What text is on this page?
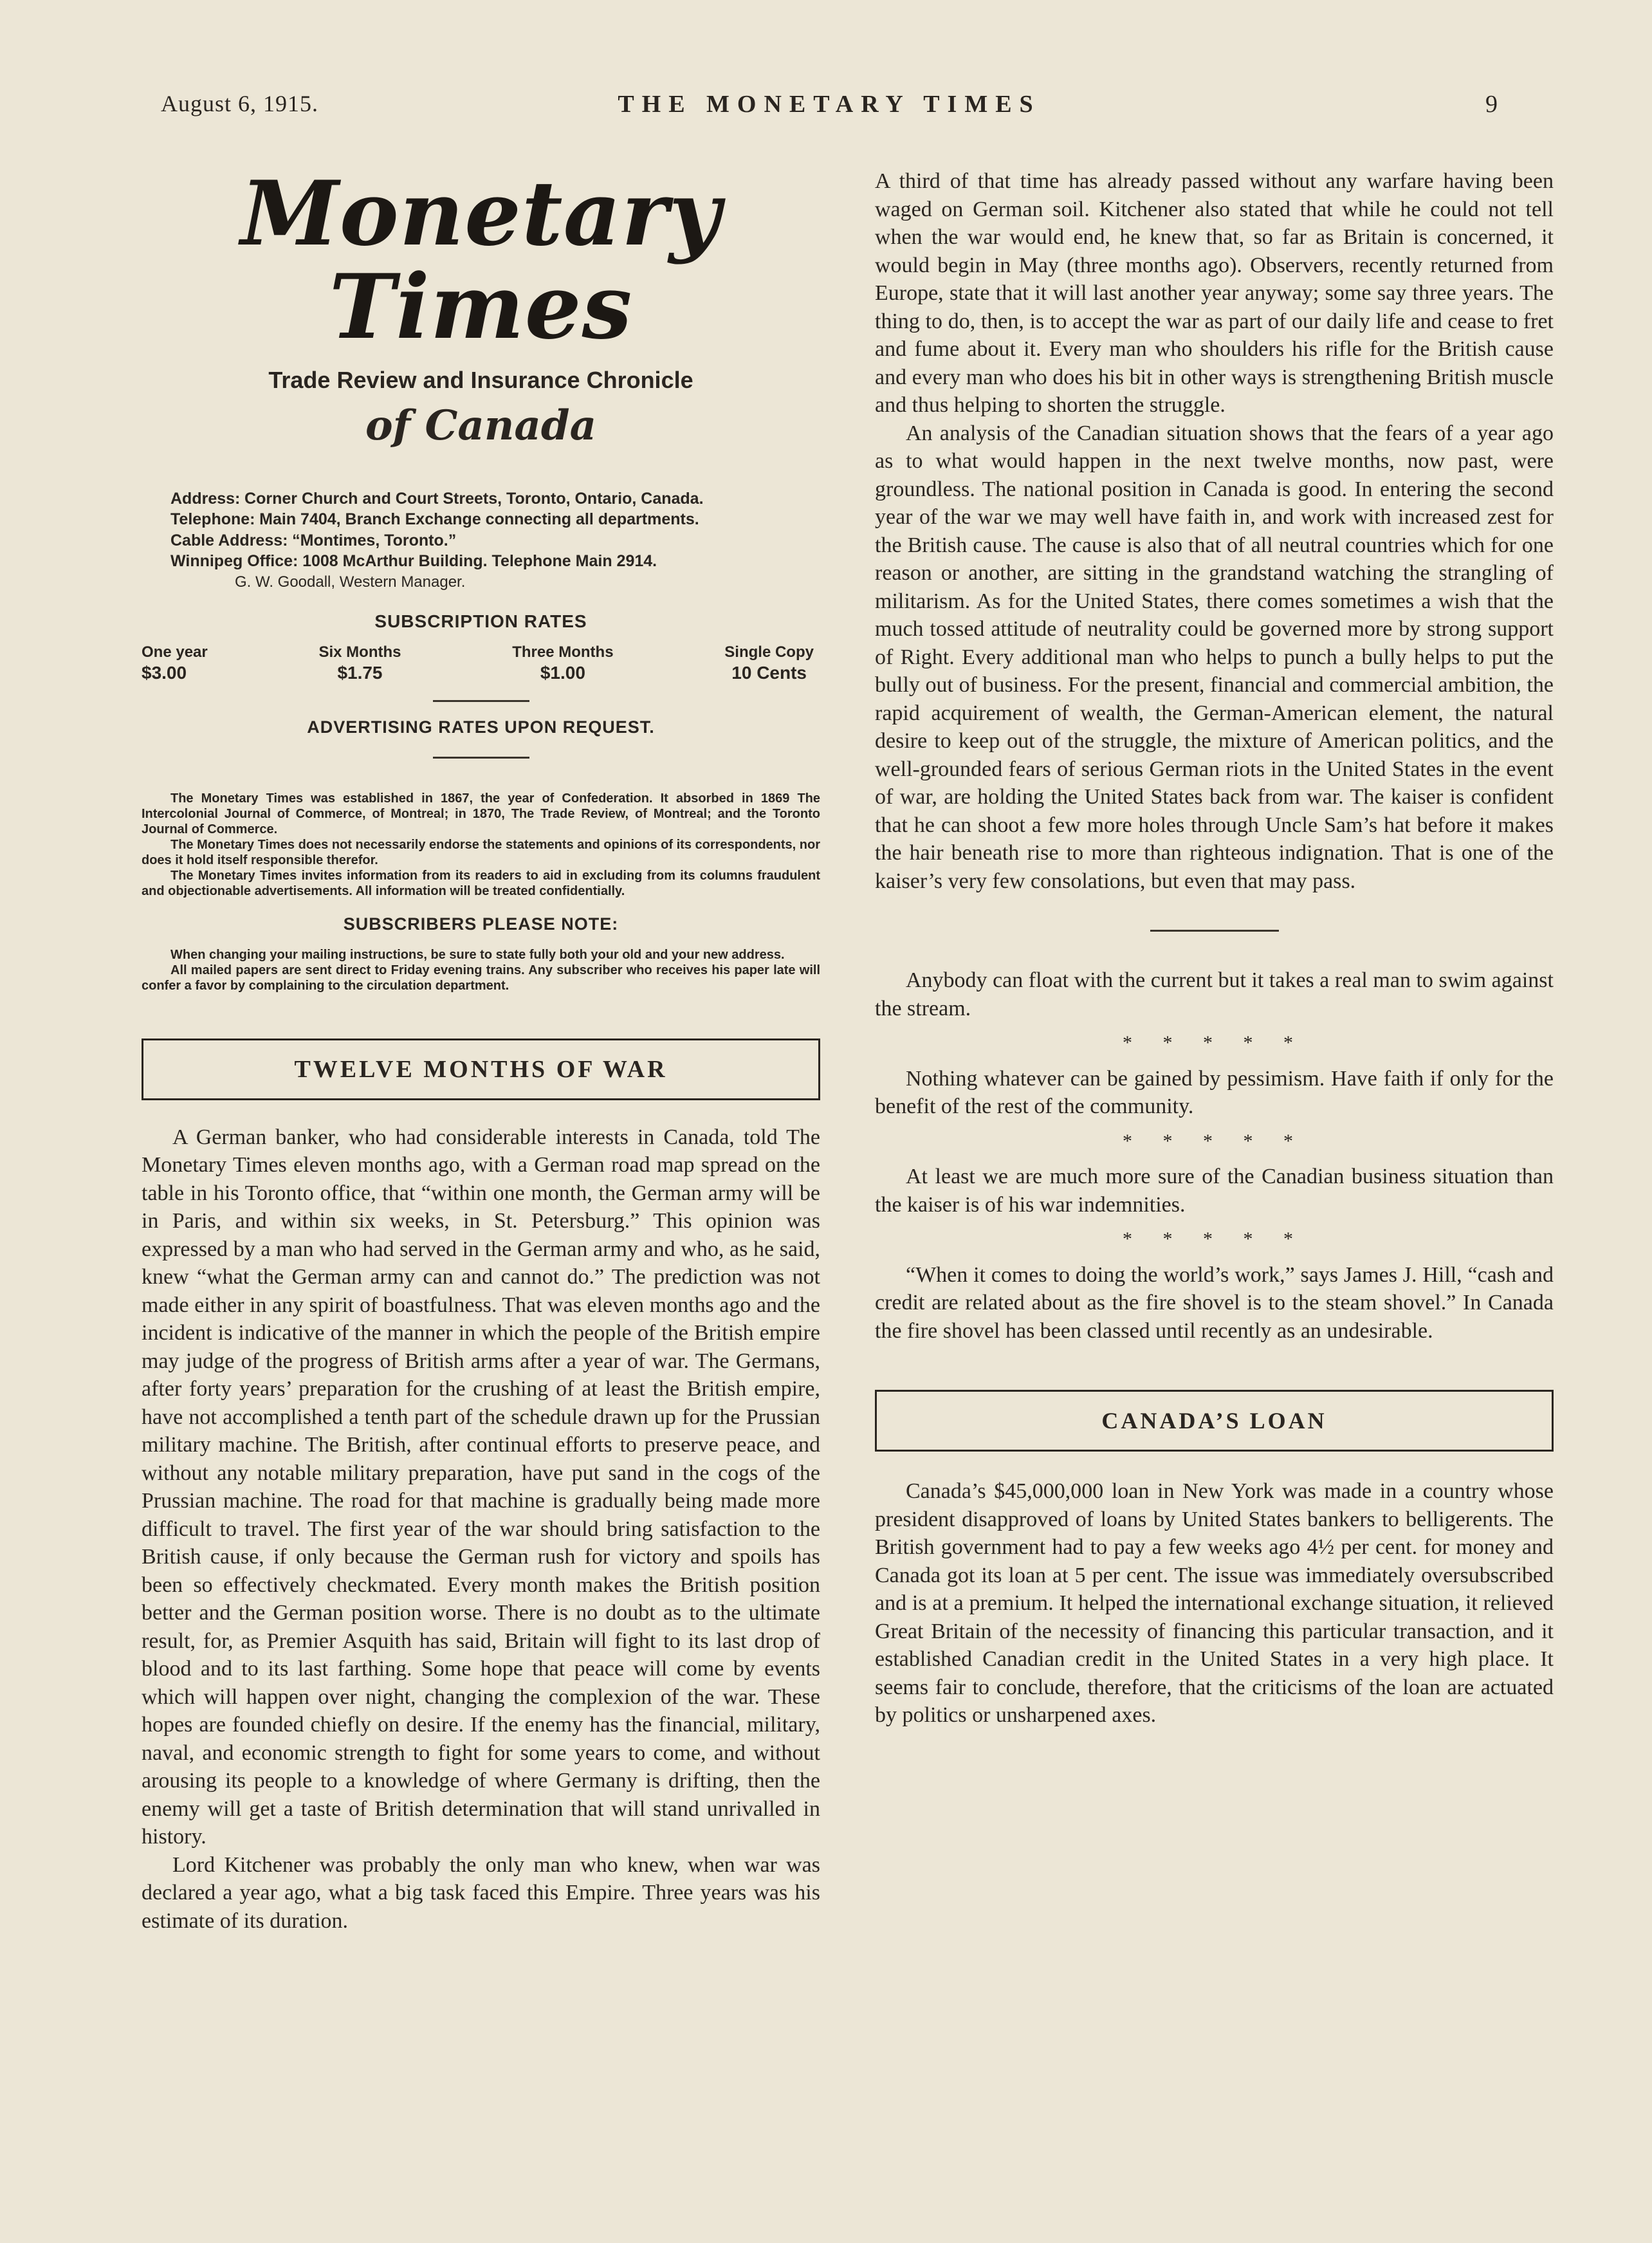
August 6, 1915.	THE MONETARY TIMES	9
Monetary Times
Trade Review and Insurance Chronicle
of Canada
Address: Corner Church and Court Streets, Toronto, Ontario, Canada.
Telephone: Main 7404, Branch Exchange connecting all departments.
Cable Address: “Montimes, Toronto.”
Winnipeg Office: 1008 McArthur Building. Telephone Main 2914.
G. W. Goodall, Western Manager.
SUBSCRIPTION RATES
One year
$3.00
Six Months
$1.75
Three Months
$1.00
Single Copy
10 Cents
ADVERTISING RATES UPON REQUEST.

The Monetary Times was established in 1867, the year of Confederation. It absorbed in 1869 The Intercolonial Journal of Commerce, of Montreal; in 1870, The Trade Review, of Montreal; and the Toronto Journal of Commerce.

The Monetary Times does not necessarily endorse the statements and opinions of its correspondents, nor does it hold itself responsible therefor.

The Monetary Times invites information from its readers to aid in excluding from its columns fraudulent and objectionable advertisements. All information will be treated confidentially.

SUBSCRIBERS PLEASE NOTE:

When changing your mailing instructions, be sure to state fully both your old and your new address.

All mailed papers are sent direct to Friday evening trains. Any subscriber who receives his paper late will confer a favor by complaining to the circulation department.

TWELVE MONTHS OF WAR

A German banker, who had considerable interests in Canada, told The Monetary Times eleven months ago, with a German road map spread on the table in his Toronto office, that “within one month, the German army will be in Paris, and within six weeks, in St. Petersburg.” This opinion was expressed by a man who had served in the German army and who, as he said, knew “what the German army can and cannot do.” The prediction was not made either in any spirit of boastfulness. That was eleven months ago and the incident is indicative of the manner in which the people of the British empire may judge of the progress of British arms after a year of war. The Germans, after forty years’ preparation for the crushing of at least the British empire, have not accomplished a tenth part of the schedule drawn up for the Prussian military machine. The British, after continual efforts to preserve peace, and without any notable military preparation, have put sand in the cogs of the Prussian machine. The road for that machine is gradually being made more difficult to travel. The first year of the war should bring satisfaction to the British cause, if only because the German rush for victory and spoils has been so effectively checkmated. Every month makes the British position better and the German position worse. There is no doubt as to the ultimate result, for, as Premier Asquith has said, Britain will fight to its last drop of blood and to its last farthing. Some hope that peace will come by events which will happen over night, changing the complexion of the war. These hopes are founded chiefly on desire. If the enemy has the financial, military, naval, and economic strength to fight for some years to come, and without arousing its people to a knowledge of where Germany is drifting, then the enemy will get a taste of British determination that will stand unrivalled in history.

Lord Kitchener was probably the only man who knew, when war was declared a year ago, what a big task faced this Empire. Three years was his estimate of its duration.

A third of that time has already passed without any warfare having been waged on German soil. Kitchener also stated that while he could not tell when the war would end, he knew that, so far as Britain is concerned, it would begin in May (three months ago). Observers, recently returned from Europe, state that it will last another year anyway; some say three years. The thing to do, then, is to accept the war as part of our daily life and cease to fret and fume about it. Every man who shoulders his rifle for the British cause and every man who does his bit in other ways is strengthening British muscle and thus helping to shorten the struggle.

An analysis of the Canadian situation shows that the fears of a year ago as to what would happen in the next twelve months, now past, were groundless. The national position in Canada is good. In entering the second year of the war we may well have faith in, and work with increased zest for the British cause. The cause is also that of all neutral countries which for one reason or another, are sitting in the grandstand watching the strangling of militarism. As for the United States, there comes sometimes a wish that the much tossed attitude of neutrality could be governed more by strong support of Right. Every additional man who helps to punch a bully helps to put the bully out of business. For the present, financial and commercial ambition, the rapid acquirement of wealth, the German-American element, the natural desire to keep out of the struggle, the mixture of American politics, and the well-grounded fears of serious German riots in the United States in the event of war, are holding the United States back from war. The kaiser is confident that he can shoot a few more holes through Uncle Sam’s hat before it makes the hair beneath rise to more than righteous indignation. That is one of the kaiser’s very few consolations, but even that may pass.

Anybody can float with the current but it takes a real man to swim against the stream.

* * * * *

Nothing whatever can be gained by pessimism. Have faith if only for the benefit of the rest of the community.

* * * * *

At least we are much more sure of the Canadian business situation than the kaiser is of his war indemnities.

* * * * *

“When it comes to doing the world’s work,” says James J. Hill, “cash and credit are related about as the fire shovel is to the steam shovel.” In Canada the fire shovel has been classed until recently as an undesirable.

CANADA’S LOAN

Canada’s $45,000,000 loan in New York was made in a country whose president disapproved of loans by United States bankers to belligerents. The British government had to pay a few weeks ago 4½ per cent. for money and Canada got its loan at 5 per cent. The issue was immediately oversubscribed and is at a premium. It helped the international exchange situation, it relieved Great Britain of the necessity of financing this particular transaction, and it established Canadian credit in the United States in a very high place. It seems fair to conclude, therefore, that the criticisms of the loan are actuated by politics or unsharpened axes.
